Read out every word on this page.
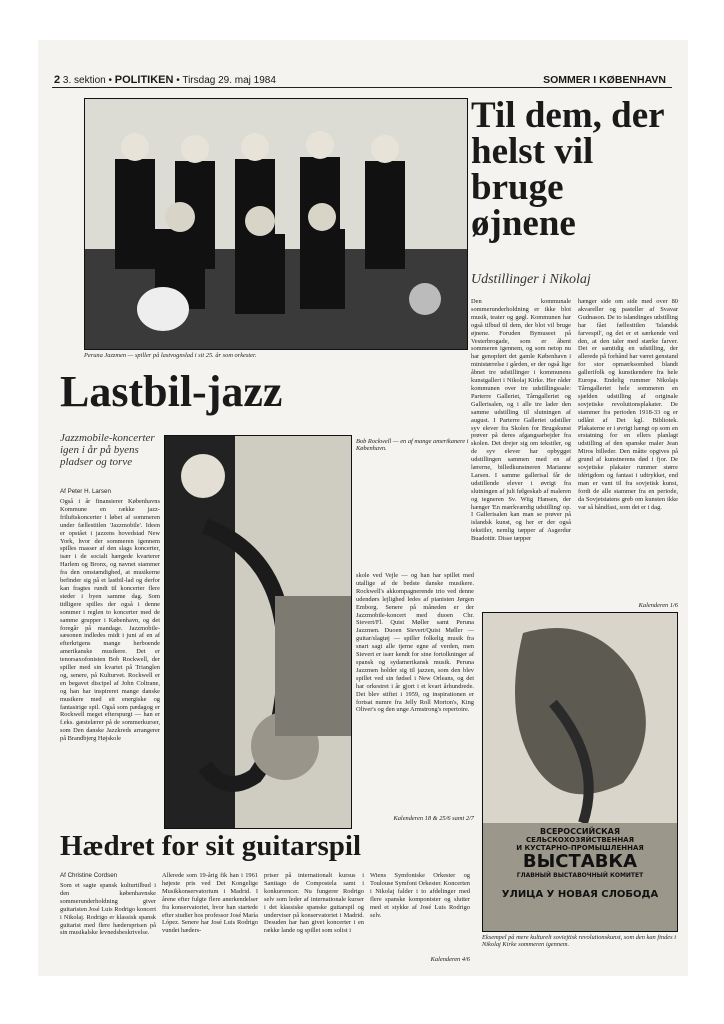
2 3. sektion • POLITIKEN • Tirsdag 29. maj 1984	SOMMER I KØBENHAVN
Peruna Jazzmen — spiller på lastvognslad i sit 25. år som orkester.
Til dem, der helst vil bruge øjnene
Udstillinger i Nikolaj
Den kommunale sommerunderholdning er ikke blot musik, teater og gøgl. Kommunen har også tilbud til dem, der blot vil bruge øjnene. Foruden Bymuseet på Vesterbrogade, som er åbent sommeren igennem, og som netop nu har genopført det gamle København i ministørrelse i gården, er der også lige åbnet tre udstillinger i kommunens kunstgalleri i Nikolaj Kirke. Her råder kommunen over tre udstillingssale: Parterre Galleriet, Tårngalleriet og Gallerisalen, og i alle tre lader den samme udstilling til slutningen af august. I Parterre Galleriet udstiller syv elever fra Skolen for Brugskunst prøver på deres afgangsarbejder fra skolen. Det drejer sig om tekstiler, og de syv elever har opbygget udstillingen sammen med en af lærerne, billedkunstneren Marianne Larsen. I samme gallerisal får de udstillende elever i øvrigt fra slutningen af juli følgeskab af maleren og tegneren Sv. Wiig Hansen, der hænger 'En mærkværdig udstilling' op. I Gallerisalen kan man se prøver på islandsk kunst, og her er der også tekstiler, nemlig tæpper af Asgerdur Buadottir. Disse tæpper
hænger side om side med over 80 akvareller og pasteller af Svavar Gudnason. De to islandinges udstilling har fået fællestitlen 'Islandsk farvespil', og det er et særkende ved den, at den taler med stærke farver. Det er samtidig en udstilling, der allerede på forhånd har været genstand for stor opmærksomhed blandt gallerifolk og kunstkendere fra hele Europa. Endelig rummer Nikolajs Tårngalleriet hele sommeren en sjælden udstilling af originale sovjetiske revolutionsplakater. De stammer fra perioden 1918-33 og er udlånt af Det kgl. Bibliotek. Plakaterne er i øvrigt hængt op som en erstatning for en ellers planlagt udstilling af den spanske maler Jean Miros billeder. Den måtte opgives på grund af kunstnerens død i fjor. De sovjetiske plakater rummer større idérigdom og fantasi i udtrykket, end man er vant til fra sovjetisk kunst, fordi de alle stammer fra en periode, da Sovjetstatens greb om kunsten ikke var så håndfast, som det er i dag.
Kalenderen 1/6
Lastbil-jazz
Jazzmobile-koncerter igen i år på byens pladser og torve
Af Peter H. Larsen
Også i år finansierer Københavns Kommune en række jazz-friluftskoncerter i løbet af sommeren under fællestitlen 'Jazzmobile'. Ideen er opstået i jazzens hovedstad New York, hvor der sommeren igennem spilles masser af den slags koncerter, især i de socialt hærgede kvarterer Harlem og Bronx, og navnet stammer fra den omstændighed, at musikerne befinder sig på et lastbil-lad og derfor kan fragtes rundt til koncerter flere steder i byen samme dag. Som tidligere spilles der også i denne sommer i reglen to koncerter med de samme grupper i København, og det foregår på mandage. Jazzmobile-sæsonen indledes midt i juni af en af efterkrigens mange herboende amerikanske musikere. Det er tenorsaxofonisten Bob Rockwell, der spiller med sin kvartet på Trianglen og, senere, på Kulturvet. Rockwell er en begavet discipel af John Coltrane, og han har inspireret mange danske musikere med sit energiske og fantasirige spil. Også som pædagog er Rockwell meget efterspurgt — han er f.eks. gæstelærer på de sommerkurser, som Den danske Jazzkreds arrangerer på Brandbjerg Højskole
Bob Rockwell — en af mange amerikanere i København.
skole ved Vejle — og han har spillet med utallige af de bedste danske musikere. Rockwell's akkompagnerende trio ved denne udendørs lejlighed ledes af pianisten Jørgen Emborg. Senere på måneden er der Jazzmobile-koncert med duoen Chr. Sievert/Fl. Quist Møller samt Peruna Jazzmen. Duoen Sievert/Quist Møller — guitar/slagtøj — spiller folkelig musik fra snart sagt alle tjerne egne af verden, men Sievert er især kendt for sine fortolkninger af spansk og sydamerikansk musik. Peruna Jazzmen holder sig til jazzen, som den blev spillet ved sin fødsel i New Orleans, og det har orkestret i år gjort i et kvart århundrede. Det blev stiftet i 1959, og inspirationen er fortsat numre fra Jelly Roll Morton's, King Oliver's og den unge Armstrong's repertoire.
Kalenderen 18 & 25/6 samt 2/7
ВСЕРОССИЙСКАЯ
СЕЛЬСКОХОЗЯЙСТВЕННАЯ
И КУСТАРНО-ПРОМЫШЛЕННАЯ
ВЫСТАВКА
ГЛАВНЫЙ ВЫСТАВОЧНЫЙ КОМИТЕТ
УЛИЦА У НОВАЯ СЛОБОДА
Eksempel på mere kulturelt soviejtisk revolutionskunst, som den kan findes i Nikolaj Kirke sommeren igennem.
Hædret for sit guitarspil
Af Christine Cordsen
Som et sagte spansk kulturtilbud i den københavnske sommerunderholdning giver guitaristen José Luis Rodrigo koncert i Nikolaj. Rodrigo er klassisk spansk guitarist med flere hædersprisen på sin musikalske levnedsbeskrivelse.
Allerede som 19-årig fik han i 1961 højeste pris ved Det Kongelige Musikkonservatorium i Madrid. I årene efter fulgte flere anerkendelser fra konservatoriet, hvor han startede efter studier hos professor José María López. Senere har José Luis Rodrigo vundet hæders-
priser på internationalt kursus i Santiago de Compostela samt i konkurrencer. Nu fungerer Rodrigo selv som leder af internationale kurser i det klassiske spanske guitarspil og underviser på konservatoriet i Madrid. Desuden har han givet koncerter i en række lande og spillet som solist i
Wiens Symfoniske Orkester og Toulouse Symfoni Orkester. Koncerten i Nikolaj falder i to afdelinger med flere spanske komponister og slutter med et stykke af José Luis Rodrigo selv.
Kalenderen 4/6
